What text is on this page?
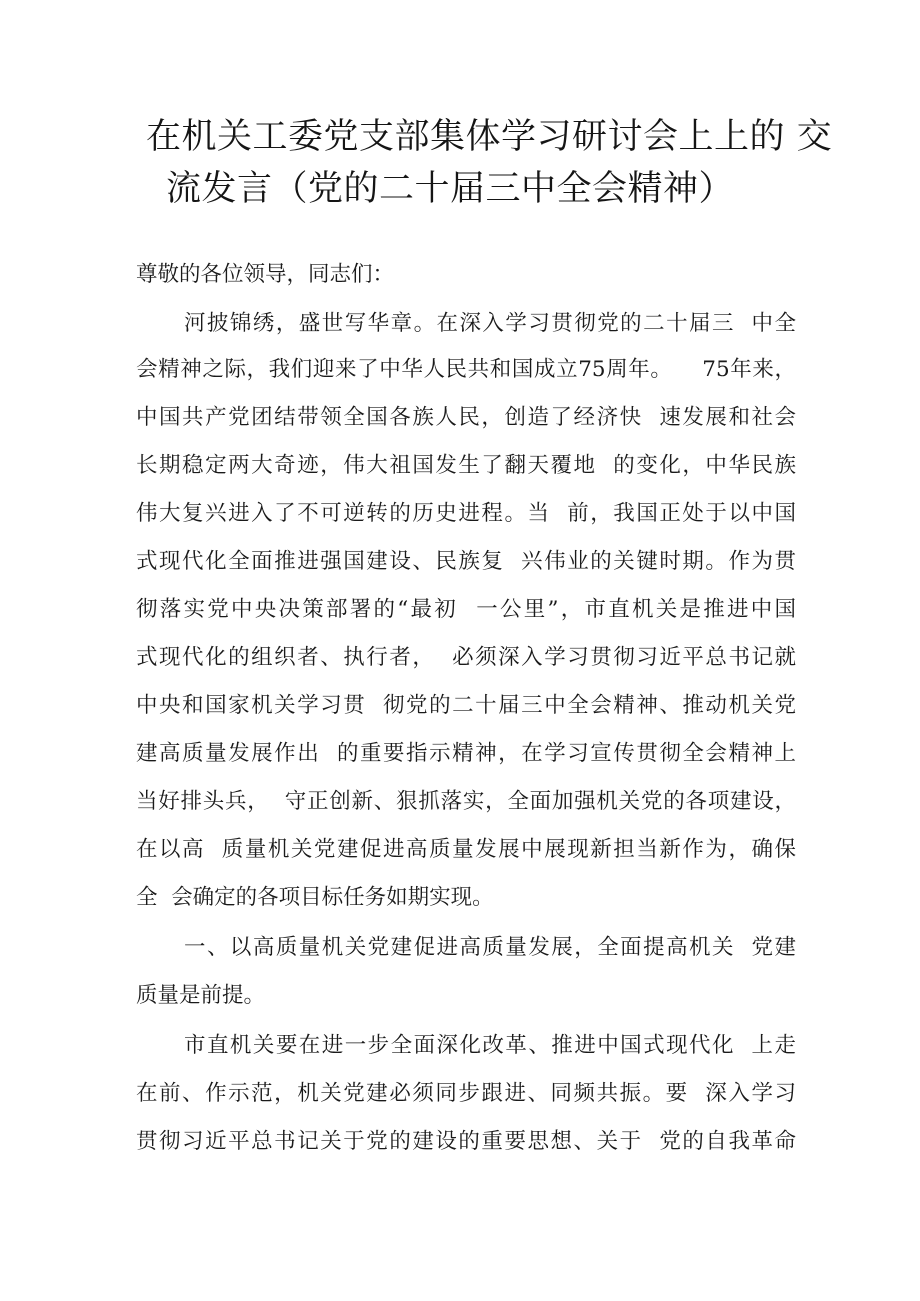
在机关工委党支部集体学习研讨会上上的 交
流发言（党的二十届三中全会精神）
尊敬的各位领导，同志们：
河披锦绣，盛世写华章。在深入学习贯彻党的二十届三  中全
会精神之际，我们迎来了中华人民共和国成立75周年。    75年来，
中国共产党团结带领全国各族人民，创造了经济快  速发展和社会
长期稳定两大奇迹，伟大祖国发生了翻天覆地  的变化，中华民族
伟大复兴进入了不可逆转的历史进程。当  前，我国正处于以中国
式现代化全面推进强国建设、民族复  兴伟业的关键时期。作为贯
彻落实党中央决策部署的“最初  一公里”，市直机关是推进中国
式现代化的组织者、执行者，  必须深入学习贯彻习近平总书记就
中央和国家机关学习贯  彻党的二十届三中全会精神、推动机关党
建高质量发展作出  的重要指示精神，在学习宣传贯彻全会精神上
当好排头兵，  守正创新、狠抓落实，全面加强机关党的各项建设，
在以高  质量机关党建促进高质量发展中展现新担当新作为，确保
全  会确定的各项目标任务如期实现。
一、以高质量机关党建促进高质量发展，全面提高机关  党建
质量是前提。
市直机关要在进一步全面深化改革、推进中国式现代化  上走
在前、作示范，机关党建必须同步跟进、同频共振。要  深入学习
贯彻习近平总书记关于党的建设的重要思想、关于  党的自我革命
